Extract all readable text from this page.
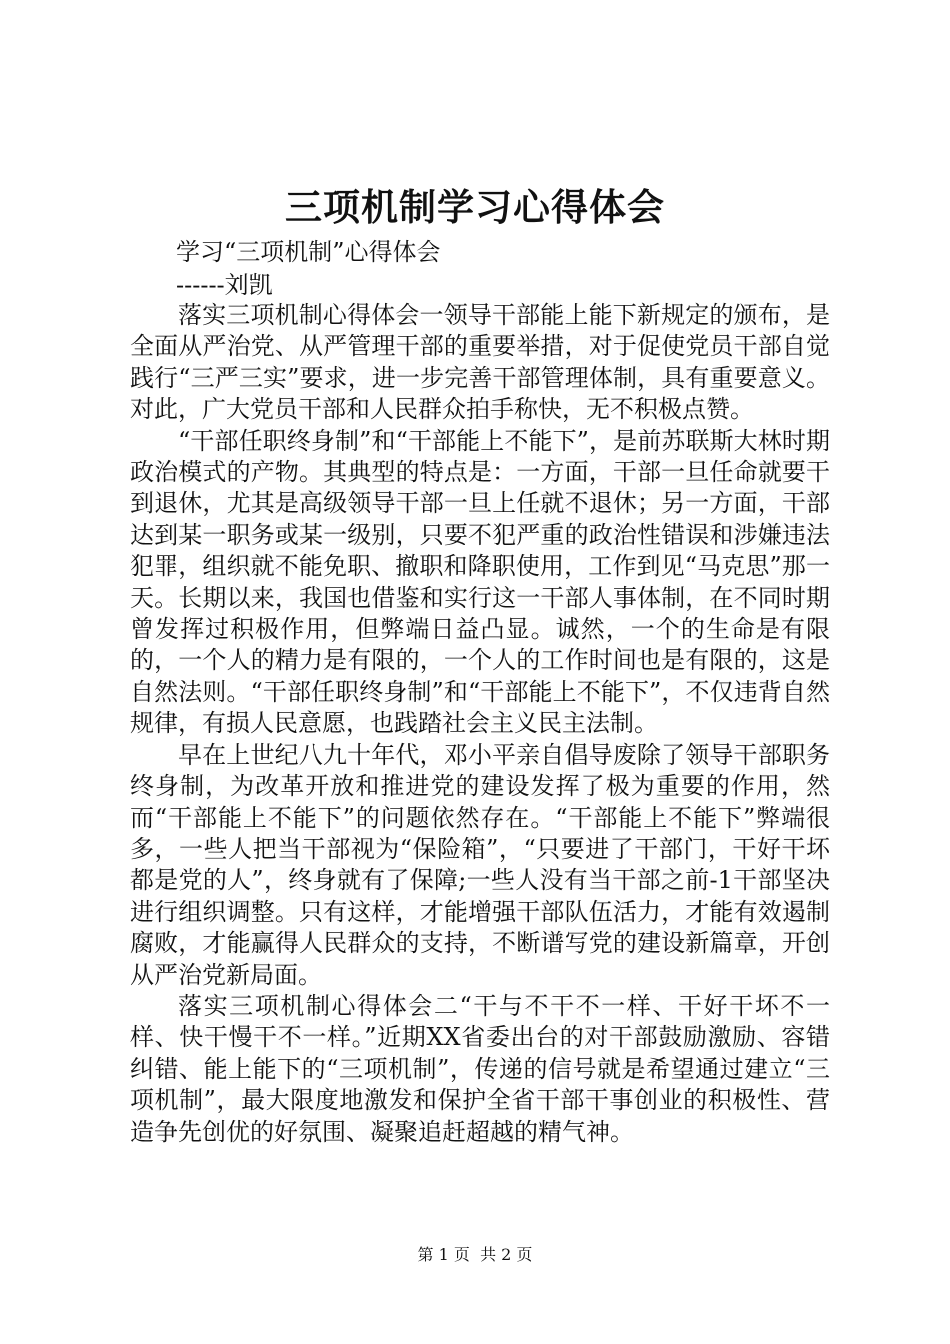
三项机制学习心得体会
学习“三项机制”心得体会
------刘凯

落实三项机制心得体会一领导干部能上能下新规定的颁布，是全面从严治党、从严管理干部的重要举措，对于促使党员干部自觉践行“三严三实”要求，进一步完善干部管理体制，具有重要意义。对此，广大党员干部和人民群众拍手称快，无不积极点赞。

“干部任职终身制”和“干部能上不能下”，是前苏联斯大林时期政治模式的产物。其典型的特点是：一方面，干部一旦任命就要干到退休，尤其是高级领导干部一旦上任就不退休；另一方面，干部达到某一职务或某一级别，只要不犯严重的政治性错误和涉嫌违法犯罪，组织就不能免职、撤职和降职使用，工作到见“马克思”那一天。长期以来，我国也借鉴和实行这一干部人事体制，在不同时期曾发挥过积极作用，但弊端日益凸显。诚然，一个的生命是有限的，一个人的精力是有限的，一个人的工作时间也是有限的，这是自然法则。“干部任职终身制”和“干部能上不能下”，不仅违背自然规律，有损人民意愿，也践踏社会主义民主法制。

早在上世纪八九十年代，邓小平亲自倡导废除了领导干部职务终身制，为改革开放和推进党的建设发挥了极为重要的作用，然而“干部能上不能下”的问题依然存在。“干部能上不能下”弊端很多，一些人把当干部视为“保险箱”，“只要进了干部门，干好干坏都是党的人”，终身就有了保障;一些人没有当干部之前-1干部坚决进行组织调整。只有这样，才能增强干部队伍活力，才能有效遏制腐败，才能赢得人民群众的支持，不断谱写党的建设新篇章，开创从严治党新局面。

落实三项机制心得体会二“干与不干不一样、干好干坏不一样、快干慢干不一样。”近期XX省委出台的对干部鼓励激励、容错纠错、能上能下的“三项机制”，传递的信号就是希望通过建立“三项机制”，最大限度地激发和保护全省干部干事创业的积极性、营造争先创优的好氛围、凝聚追赶超越的精气神。

第 1 页  共 2 页
